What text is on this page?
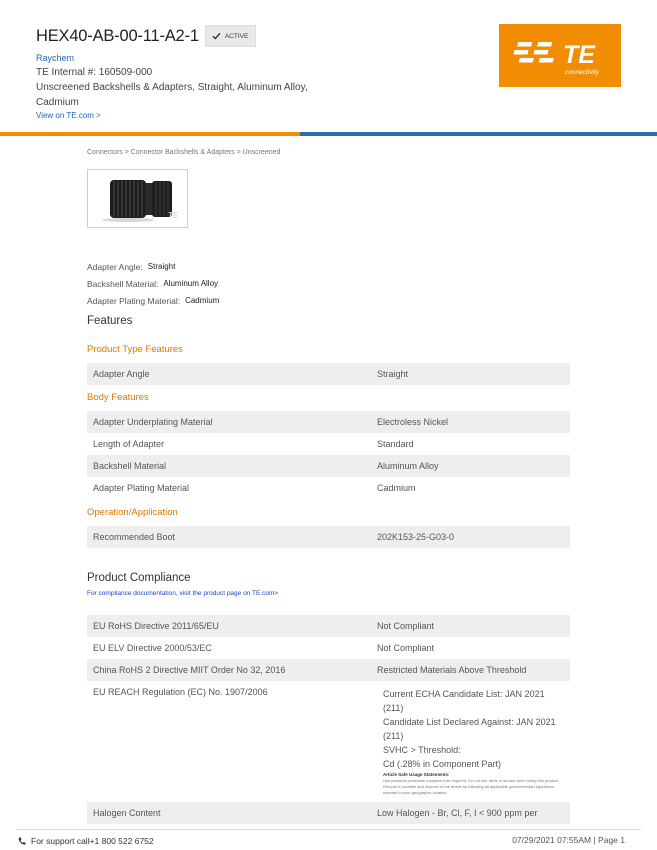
HEX40-AB-00-11-A2-1	ACTIVE
Raychem
TE Internal #: 160509-000
Unscreened Backshells & Adapters, Straight, Aluminum Alloy, Cadmium
View on TE.com >
TE
connectivity
Connectors > Connector Backshells & Adapters > Unscreened
TE
Adapter Angle: Straight
Backshell Material: Aluminum Alloy
Adapter Plating Material: Cadmium
Features
Product Type Features
Adapter Angle	Straight
Body Features
Adapter Underplating Material	Electroless Nickel
Length of Adapter	Standard
Backshell Material	Aluminum Alloy
Adapter Plating Material	Cadmium
Operation/Application
Recommended Boot	202K153-25-G03-0
Product Compliance
For compliance documentation, visit the product page on TE.com>
EU RoHS Directive 2011/65/EU	Not Compliant
EU ELV Directive 2000/53/EC	Not Compliant
China RoHS 2 Directive MIIT Order No 32, 2016	Restricted Materials Above Threshold
EU REACH Regulation (EC) No. 1907/2006	Current ECHA Candidate List: JAN 2021
(211)
Candidate List Declared Against: JAN 2021
(211)
SVHC > Threshold:
Cd (.28% in Component Part)
Article Safe Usage Statements:
Use personal protective equipment as required. Do not eat, drink or smoke when using this product. Recycle if possible and dispose of the article by following all applicable governmental regulations relevant to your geographic location.
Halogen Content	Low Halogen - Br, Cl, F, I < 900 ppm per
For support call+1 800 522 6752	07/29/2021 07:55AM | Page 1
